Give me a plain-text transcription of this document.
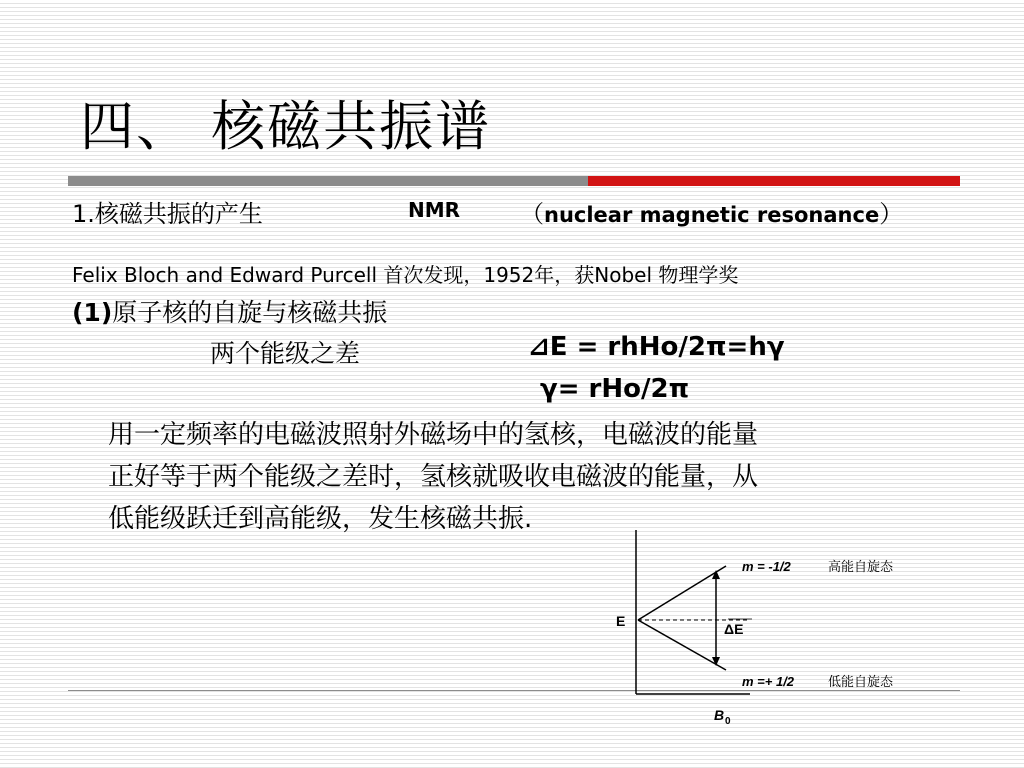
四、 核磁共振谱
1.核磁共振的产生	NMR （nuclear magnetic resonance）
Felix Bloch and Edward Purcell 首次发现，1952年，获Nobel 物理学奖
(1)原子核的自旋与核磁共振
两个能级之差	⊿E = rhHo/2π=hγ
γ= rHo/2π
用一定频率的电磁波照射外磁场中的氢核，电磁波的能量
正好等于两个能级之差时，氢核就吸收电磁波的能量，从
低能级跃迁到高能级，发生核磁共振.
E	ΔE
m = -1/2	高能自旋态
m =+ 1/2	低能自旋态
B 0
